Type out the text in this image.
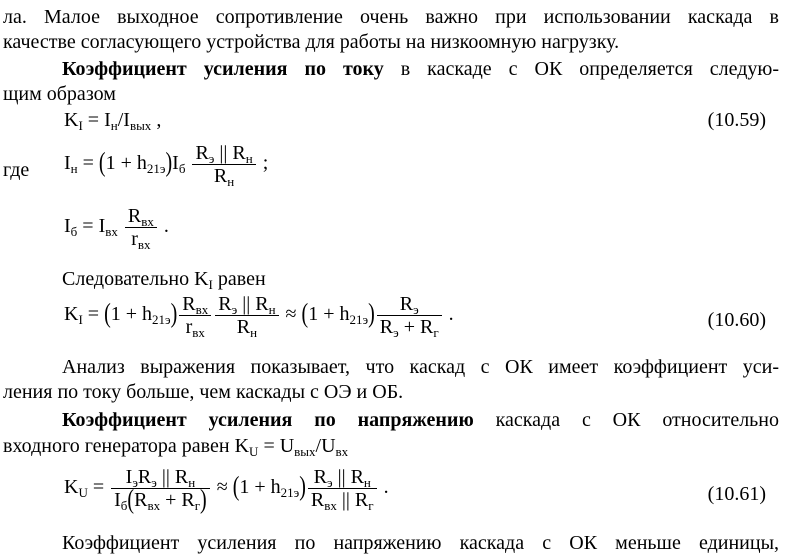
ла. Малое выходное сопротивление очень важно при использовании каскада в
качестве согласующего устройства для работы на низкоомную нагрузку.
Коэффициент усиления по току в каскаде с ОК определяется следую-
щим образом
$K_I = I_н/I_{вых}$ ,	(10.59)
где $I_н = (1 + h_{21э})I_б \frac{R_э || R_н}{R_н}$ ;
$I_б = I_{вх} \frac{R_{вх}}{r_{вх}}$ .
Следовательно $K_I$ равен
$K_I = (1 + h_{21э}) \frac{R_{вх}}{r_{вх}} \frac{R_э || R_н}{R_н} \approx (1 + h_{21э}) \frac{R_э}{R_э + R_г}$ .	(10.60)
Анализ выражения показывает, что каскад с ОК имеет коэффициент уси-
ления по току больше, чем каскады с ОЭ и ОБ.
Коэффициент усиления по напряжению каскада с ОК относительно
входного генератора равен $K_U = U_{вых}/U_{вх}$
$K_U = \frac{I_эR_э || R_н}{I_б(R_{вх} + R_г)} \approx (1 + h_{21э}) \frac{R_э || R_н}{R_{вх} || R_г}$ .	(10.61)
Коэффициент усиления по напряжению каскада с ОК меньше единицы,
